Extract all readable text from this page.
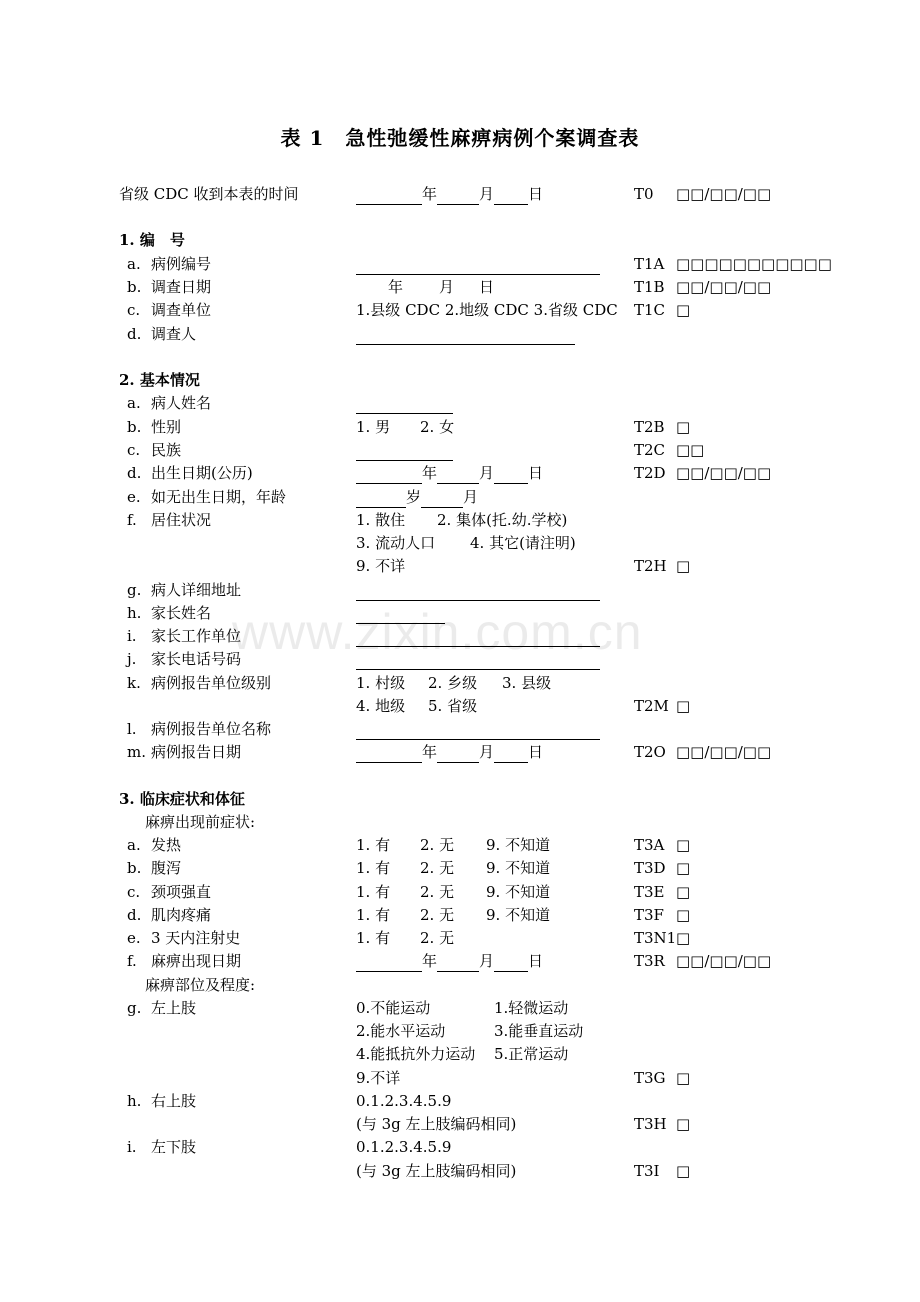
表 1　急性弛缓性麻痹病例个案调查表
省级 CDC 收到本表的时间	年	月 日	T0 □□/□□/□□
1. 编　号
a. 病例编号	T1A □□□□□□□□□□□
b. 调查日期	年 月 日	T1B □□/□□/□□
c. 调查单位	1.县级 CDC 2.地级 CDC 3.省级 CDC T1C □
d. 调查人
2. 基本情况
a. 病人姓名
b. 性别	1. 男 2. 女	T2B □
c. 民族	T2C □□
d. 出生日期(公历)	年	月 日	T2D □□/□□/□□
e. 如无出生日期，年龄	岁	月
f. 居住状况	1. 散住 2. 集体(托.幼.学校)
3. 流动人口 4. 其它(请注明)
9. 不详	T2H □
g. 病人详细地址
h. 家长姓名
i. 家长工作单位
j. 家长电话号码
k. 病例报告单位级别	1. 村级 2. 乡级 3. 县级
4. 地级 5. 省级	T2M □
l. 病例报告单位名称
m. 病例报告日期	年	月 日	T2O □□/□□/□□
3. 临床症状和体征
麻痹出现前症状:
a. 发热	1. 有 2. 无 9. 不知道	T3A □
b. 腹泻	1. 有 2. 无 9. 不知道	T3D □
c. 颈项强直	1. 有 2. 无 9. 不知道	T3E □
d. 肌肉疼痛	1. 有 2. 无 9. 不知道	T3F □
e. 3 天内注射史	1. 有 2. 无	T3N1 □
f. 麻痹出现日期	年	月 日	T3R □□/□□/□□
麻痹部位及程度:
g. 左上肢	0.不能运动	1.轻微运动
2.能水平运动	3.能垂直运动
4.能抵抗外力运动 5.正常运动
9.不详	T3G □
h. 右上肢	0.1.2.3.4.5.9
(与 3g 左上肢编码相同)	T3H □
i. 左下肢	0.1.2.3.4.5.9
(与 3g 左上肢编码相同)	T3I □
www.zixin.com.cn
